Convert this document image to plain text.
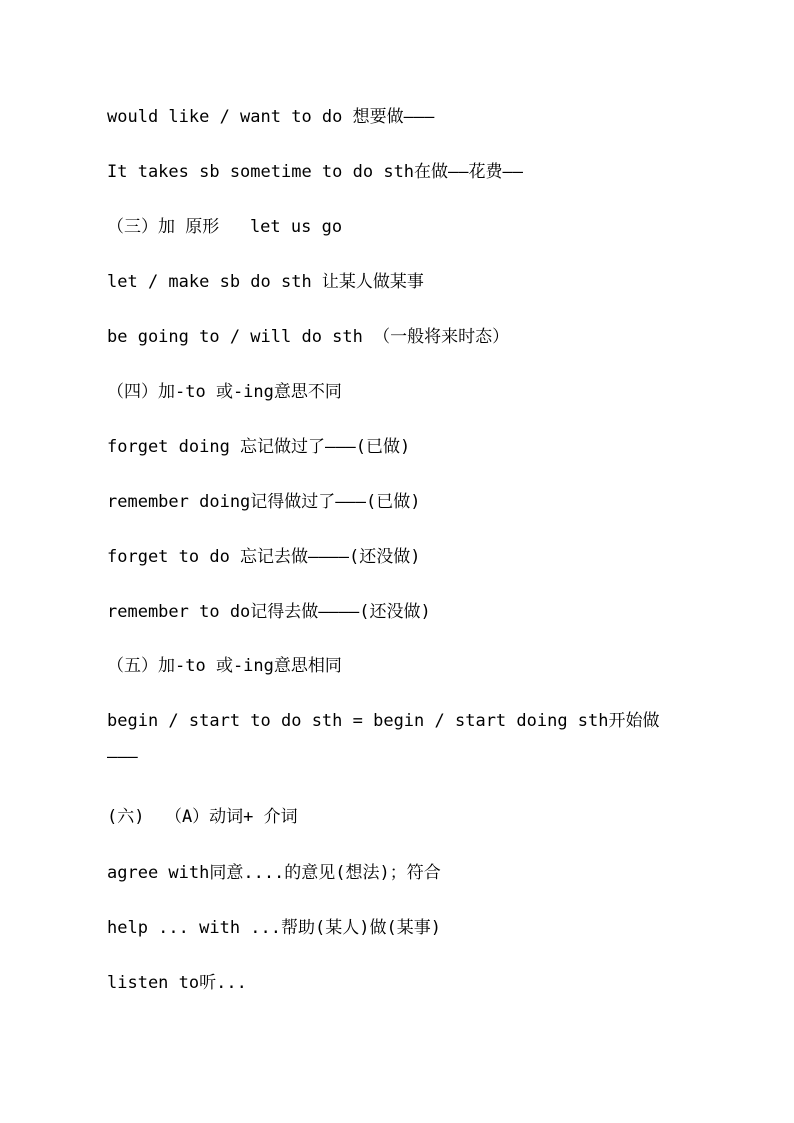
would like / want to do 想要做———
It takes sb sometime to do sth在做——花费——
（三）加 原形   let us go
let / make sb do sth 让某人做某事
be going to / will do sth （一般将来时态）
（四）加-to 或-ing意思不同
forget doing 忘记做过了———(已做)
remember doing记得做过了———(已做)
forget to do 忘记去做————(还没做)
remember to do记得去做————(还没做)
（五）加-to 或-ing意思相同
begin / start to do sth = begin / start doing sth开始做
———
(六)  （A）动词+ 介词
agree with同意....的意见(想法)；符合
help ... with ...帮助(某人)做(某事)
listen to听...
